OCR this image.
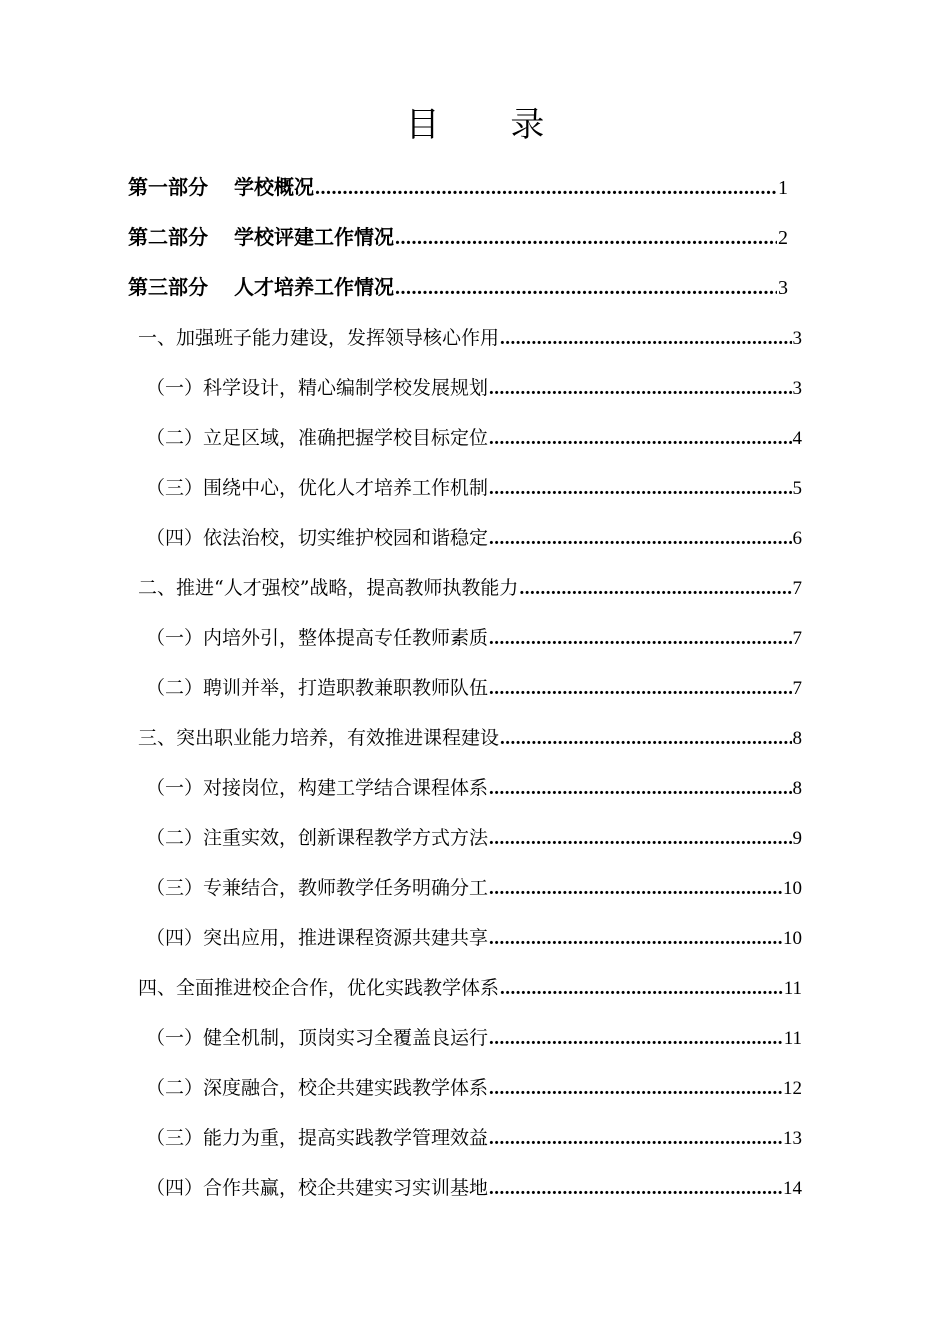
目 录
第一部分 学校概况 .....	1
第二部分 学校评建工作情况 .....	2
第三部分 人才培养工作情况 .....	3
一、加强班子能力建设，发挥领导核心作用 .....	3
（一）科学设计，精心编制学校发展规划 .....	3
（二）立足区域，准确把握学校目标定位 .....	4
（三）围绕中心，优化人才培养工作机制 .....	5
（四）依法治校，切实维护校园和谐稳定 .....	6
二、推进“人才强校”战略，提高教师执教能力 .....	7
（一）内培外引，整体提高专任教师素质 .....	7
（二）聘训并举，打造职教兼职教师队伍 .....	7
三、突出职业能力培养，有效推进课程建设 .....	8
（一）对接岗位，构建工学结合课程体系 .....	8
（二）注重实效，创新课程教学方式方法 .....	9
（三）专兼结合，教师教学任务明确分工 .....	10
（四）突出应用，推进课程资源共建共享 .....	10
四、全面推进校企合作，优化实践教学体系 .....	11
（一）健全机制，顶岗实习全覆盖良运行 .....	11
（二）深度融合，校企共建实践教学体系 .....	12
（三）能力为重，提高实践教学管理效益 .....	13
（四）合作共赢，校企共建实习实训基地 .....	14
